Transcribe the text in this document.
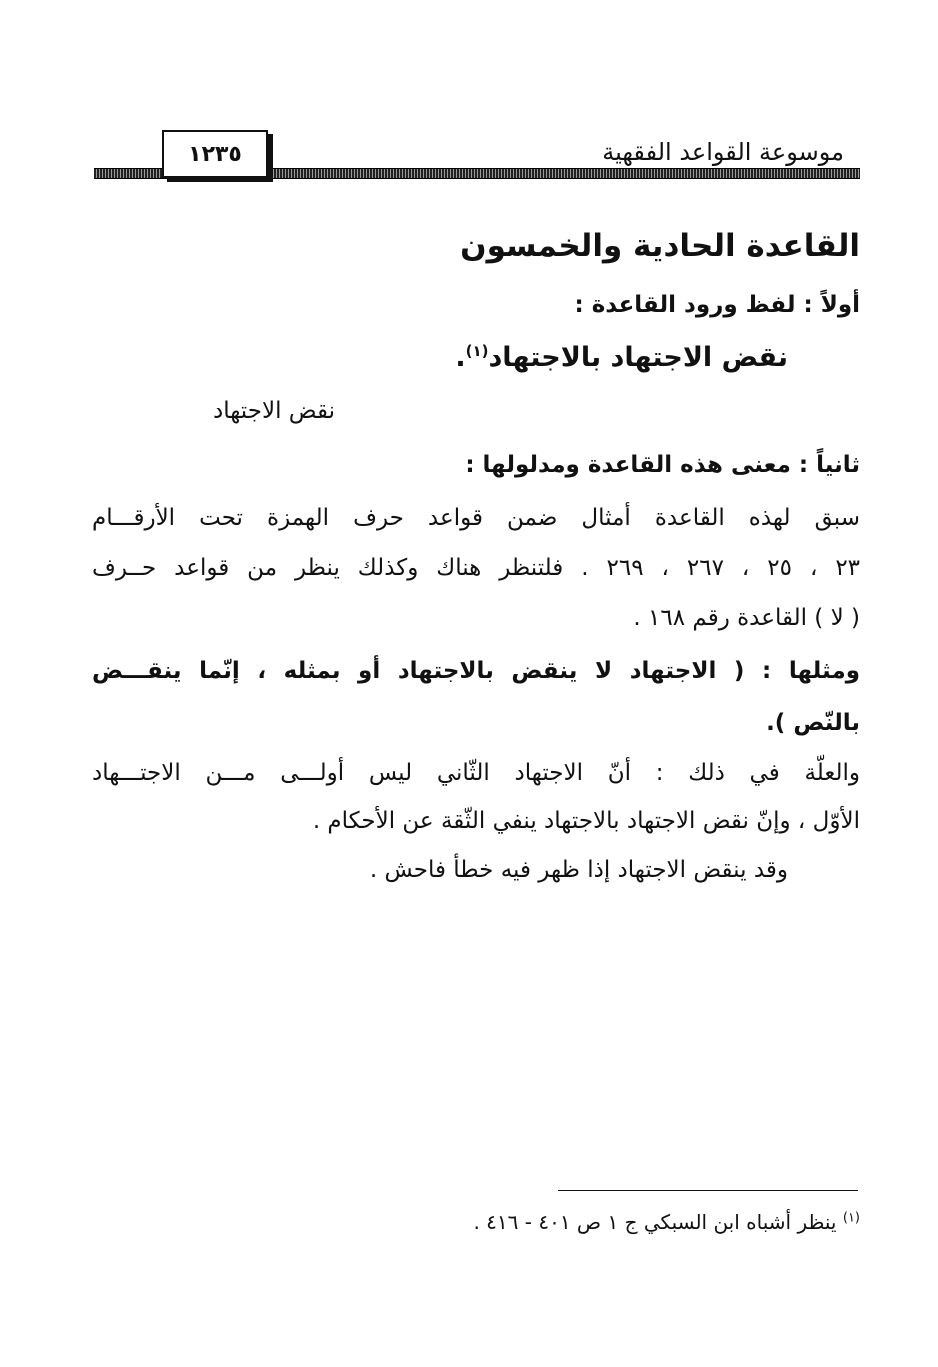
موسوعة القواعد الفقهية
١٢٣٥
القاعدة الحادية والخمسون
أولاً : لفظ ورود القاعدة :
نقض الاجتهاد بالاجتهاد$^{(١)}$.
نقض الاجتهاد
ثانياً : معنى هذه القاعدة ومدلولها :
سبق لهذه القاعدة أمثال ضمن قواعد حرف الهمزة تحت الأرقـــام
٢٣ ، ٢٥ ، ٢٦٧ ، ٢٦٩ . فلتنظر هناك وكذلك ينظر من قواعد حــرف
( لا ) القاعدة رقم ١٦٨ .
ومثلها : ( الاجتهاد لا ينقض بالاجتهاد أو بمثله ، إنّما ينقـــض
بالنّص ).
والعلّة في ذلك : أنّ الاجتهاد الثّاني ليس أولـــى مـــن الاجتـــهاد
الأوّل ، وإنّ نقض الاجتهاد بالاجتهاد ينفي الثّقة عن الأحكام .
وقد ينقض الاجتهاد إذا ظهر فيه خطأ فاحش .
$^{(١)}$ ينظر أشباه ابن السبكي ج ١ ص ٤٠١ - ٤١٦ .
